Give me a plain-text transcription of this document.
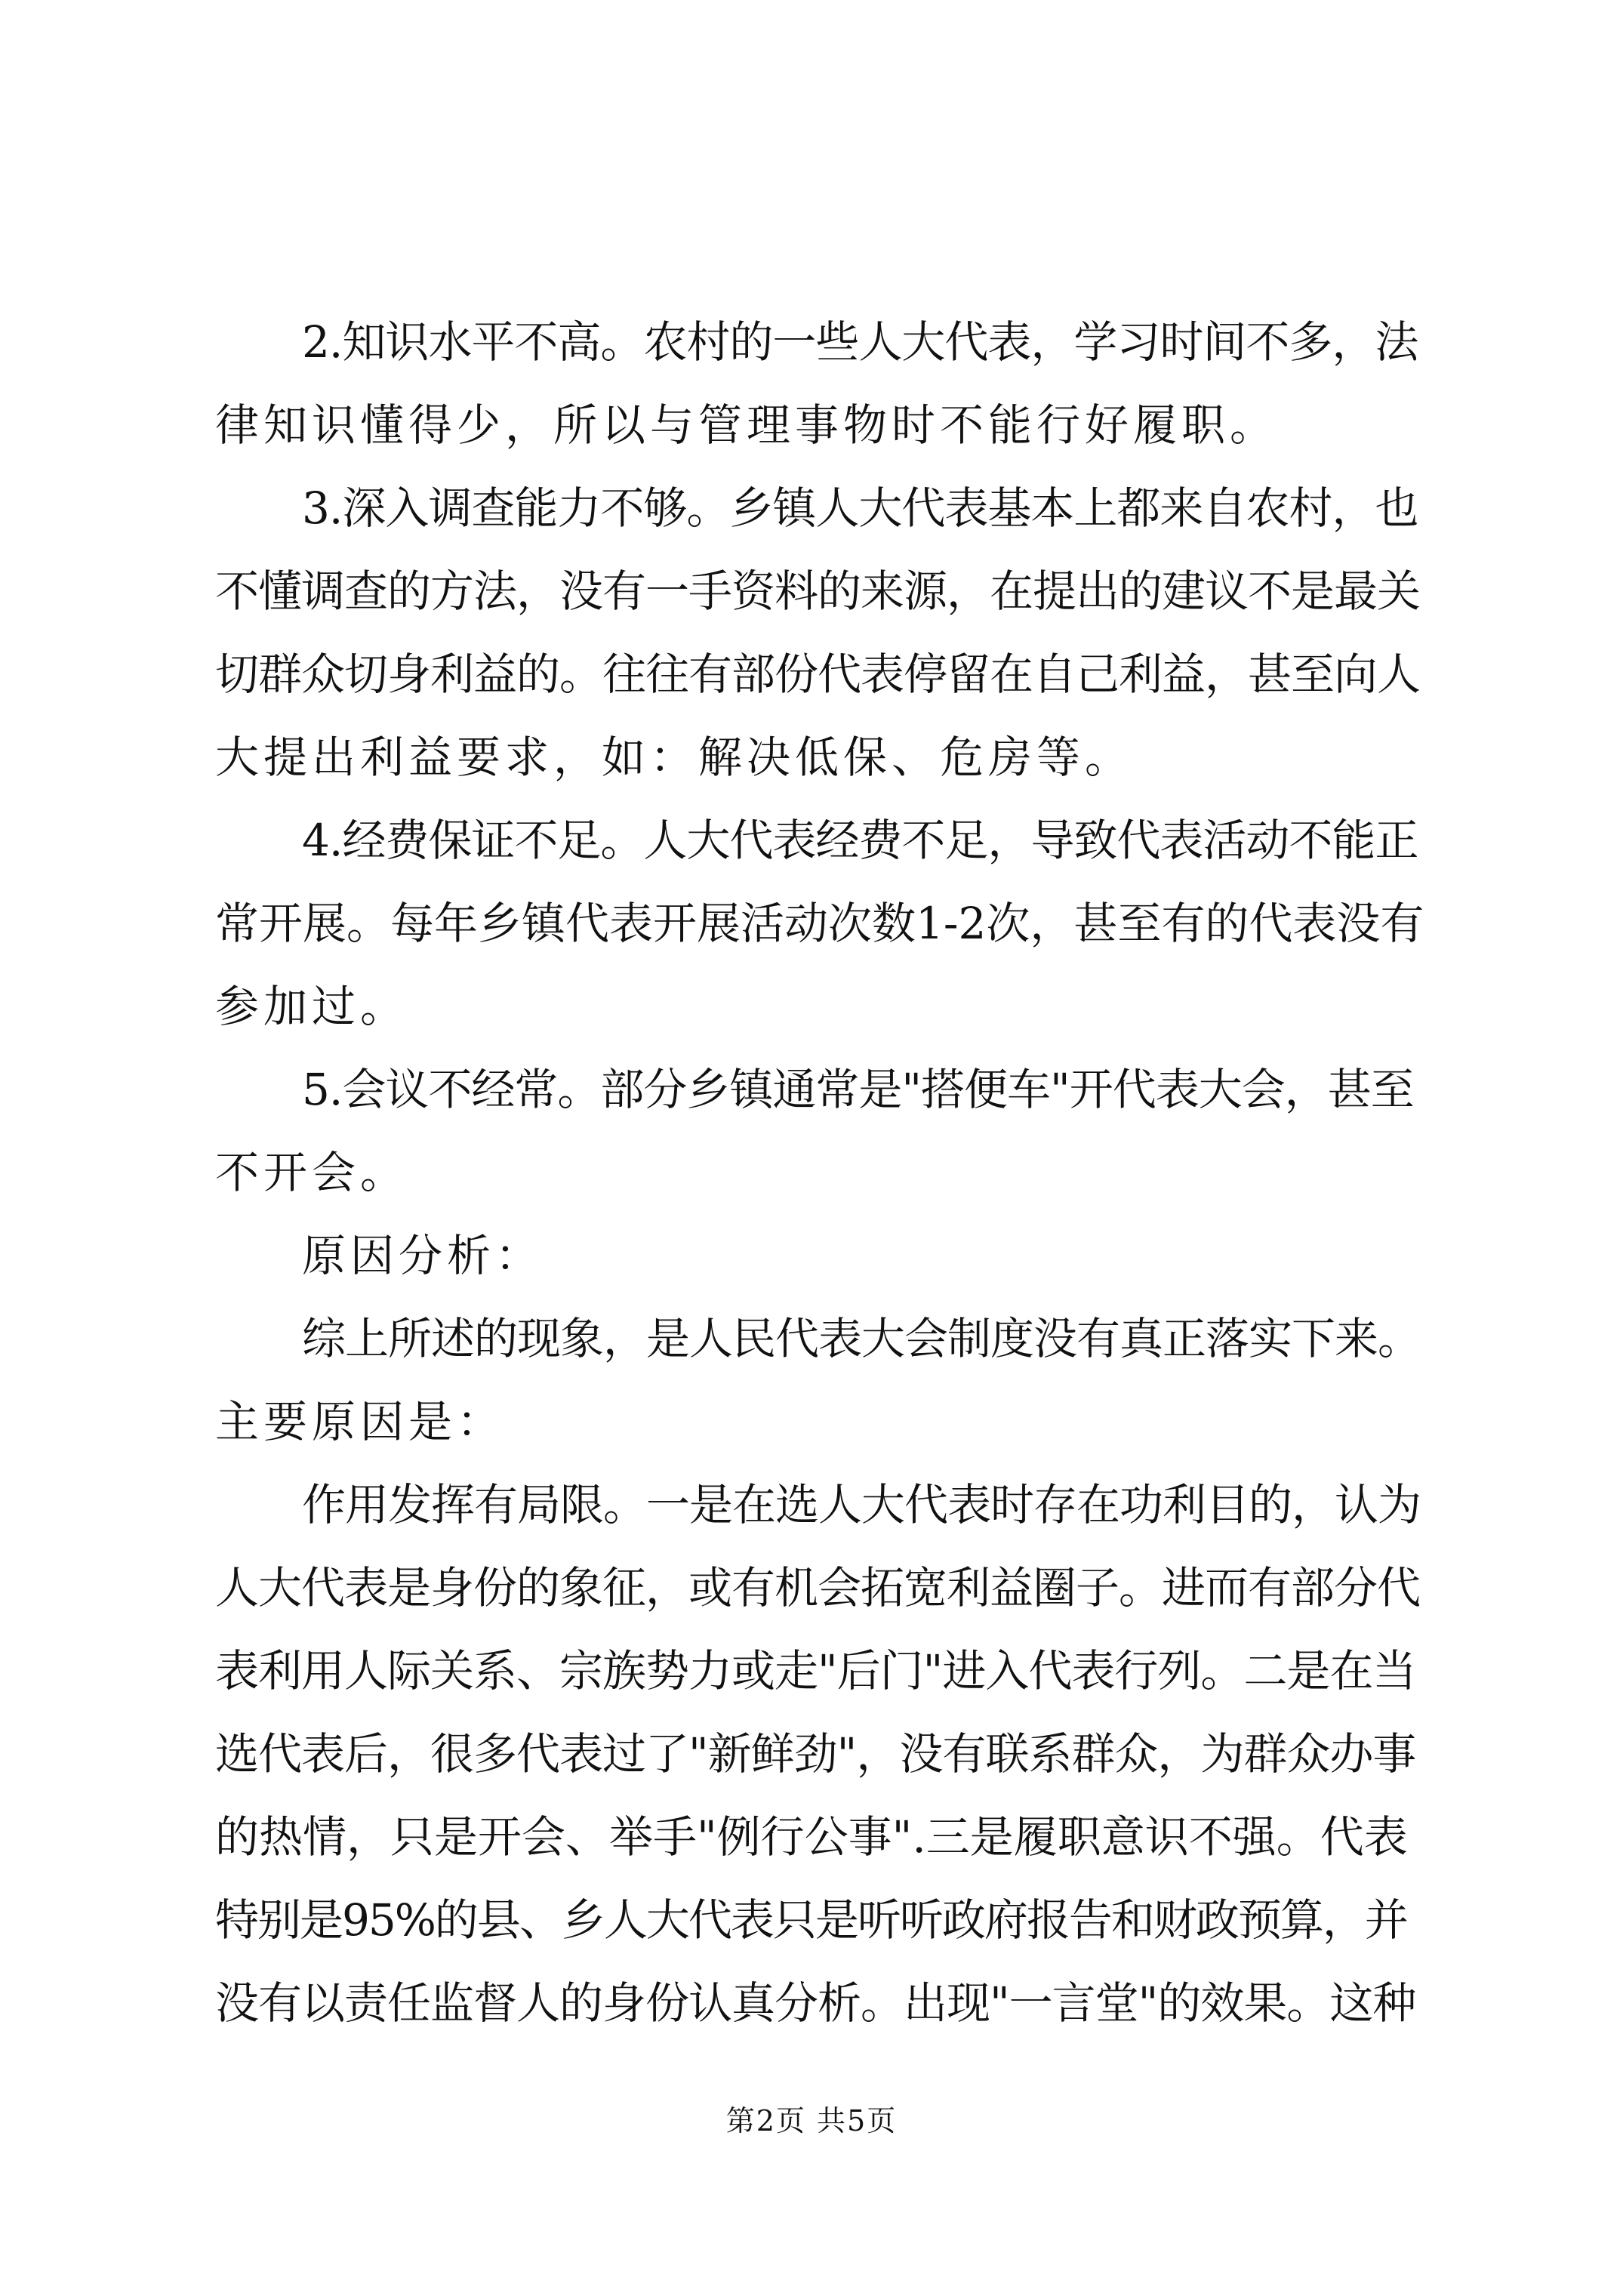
2.知识水平不高。农村的一些人大代表，学习时间不多，法
律知识懂得少，所以与管理事物时不能行好履职。
3.深入调查能力不够。乡镇人大代表基本上都来自农村，也
不懂调查的方法，没有一手资料的来源，在提出的建议不是最关
切群众切身利益的。往往有部份代表停留在自己利益，甚至向人
大提出利益要求，如：解决低保、危房等。
4.经费保证不足。人大代表经费不足，导致代表活动不能正
常开展。每年乡镇代表开展活动次数1-2次，甚至有的代表没有
参加过。
5.会议不经常。部分乡镇通常是"搭便车"开代表大会，甚至
不开会。
原因分析：
综上所述的现象，是人民代表大会制度没有真正落实下来。
主要原因是：
作用发挥有局限。一是在选人大代表时存在功利目的，认为
人大代表是身份的象征，或有机会拓宽利益圈子。进而有部分代
表利用人际关系、宗族势力或走"后门"进入代表行列。二是在当
选代表后，很多代表过了"新鲜劲"，没有联系群众，为群众办事
的热情，只是开会、举手"例行公事".三是履职意识不强。代表
特别是95%的县、乡人大代表只是听听政府报告和财政预算，并
没有以责任监督人的身份认真分析。出现"一言堂"的效果。这种
第2页 共5页
